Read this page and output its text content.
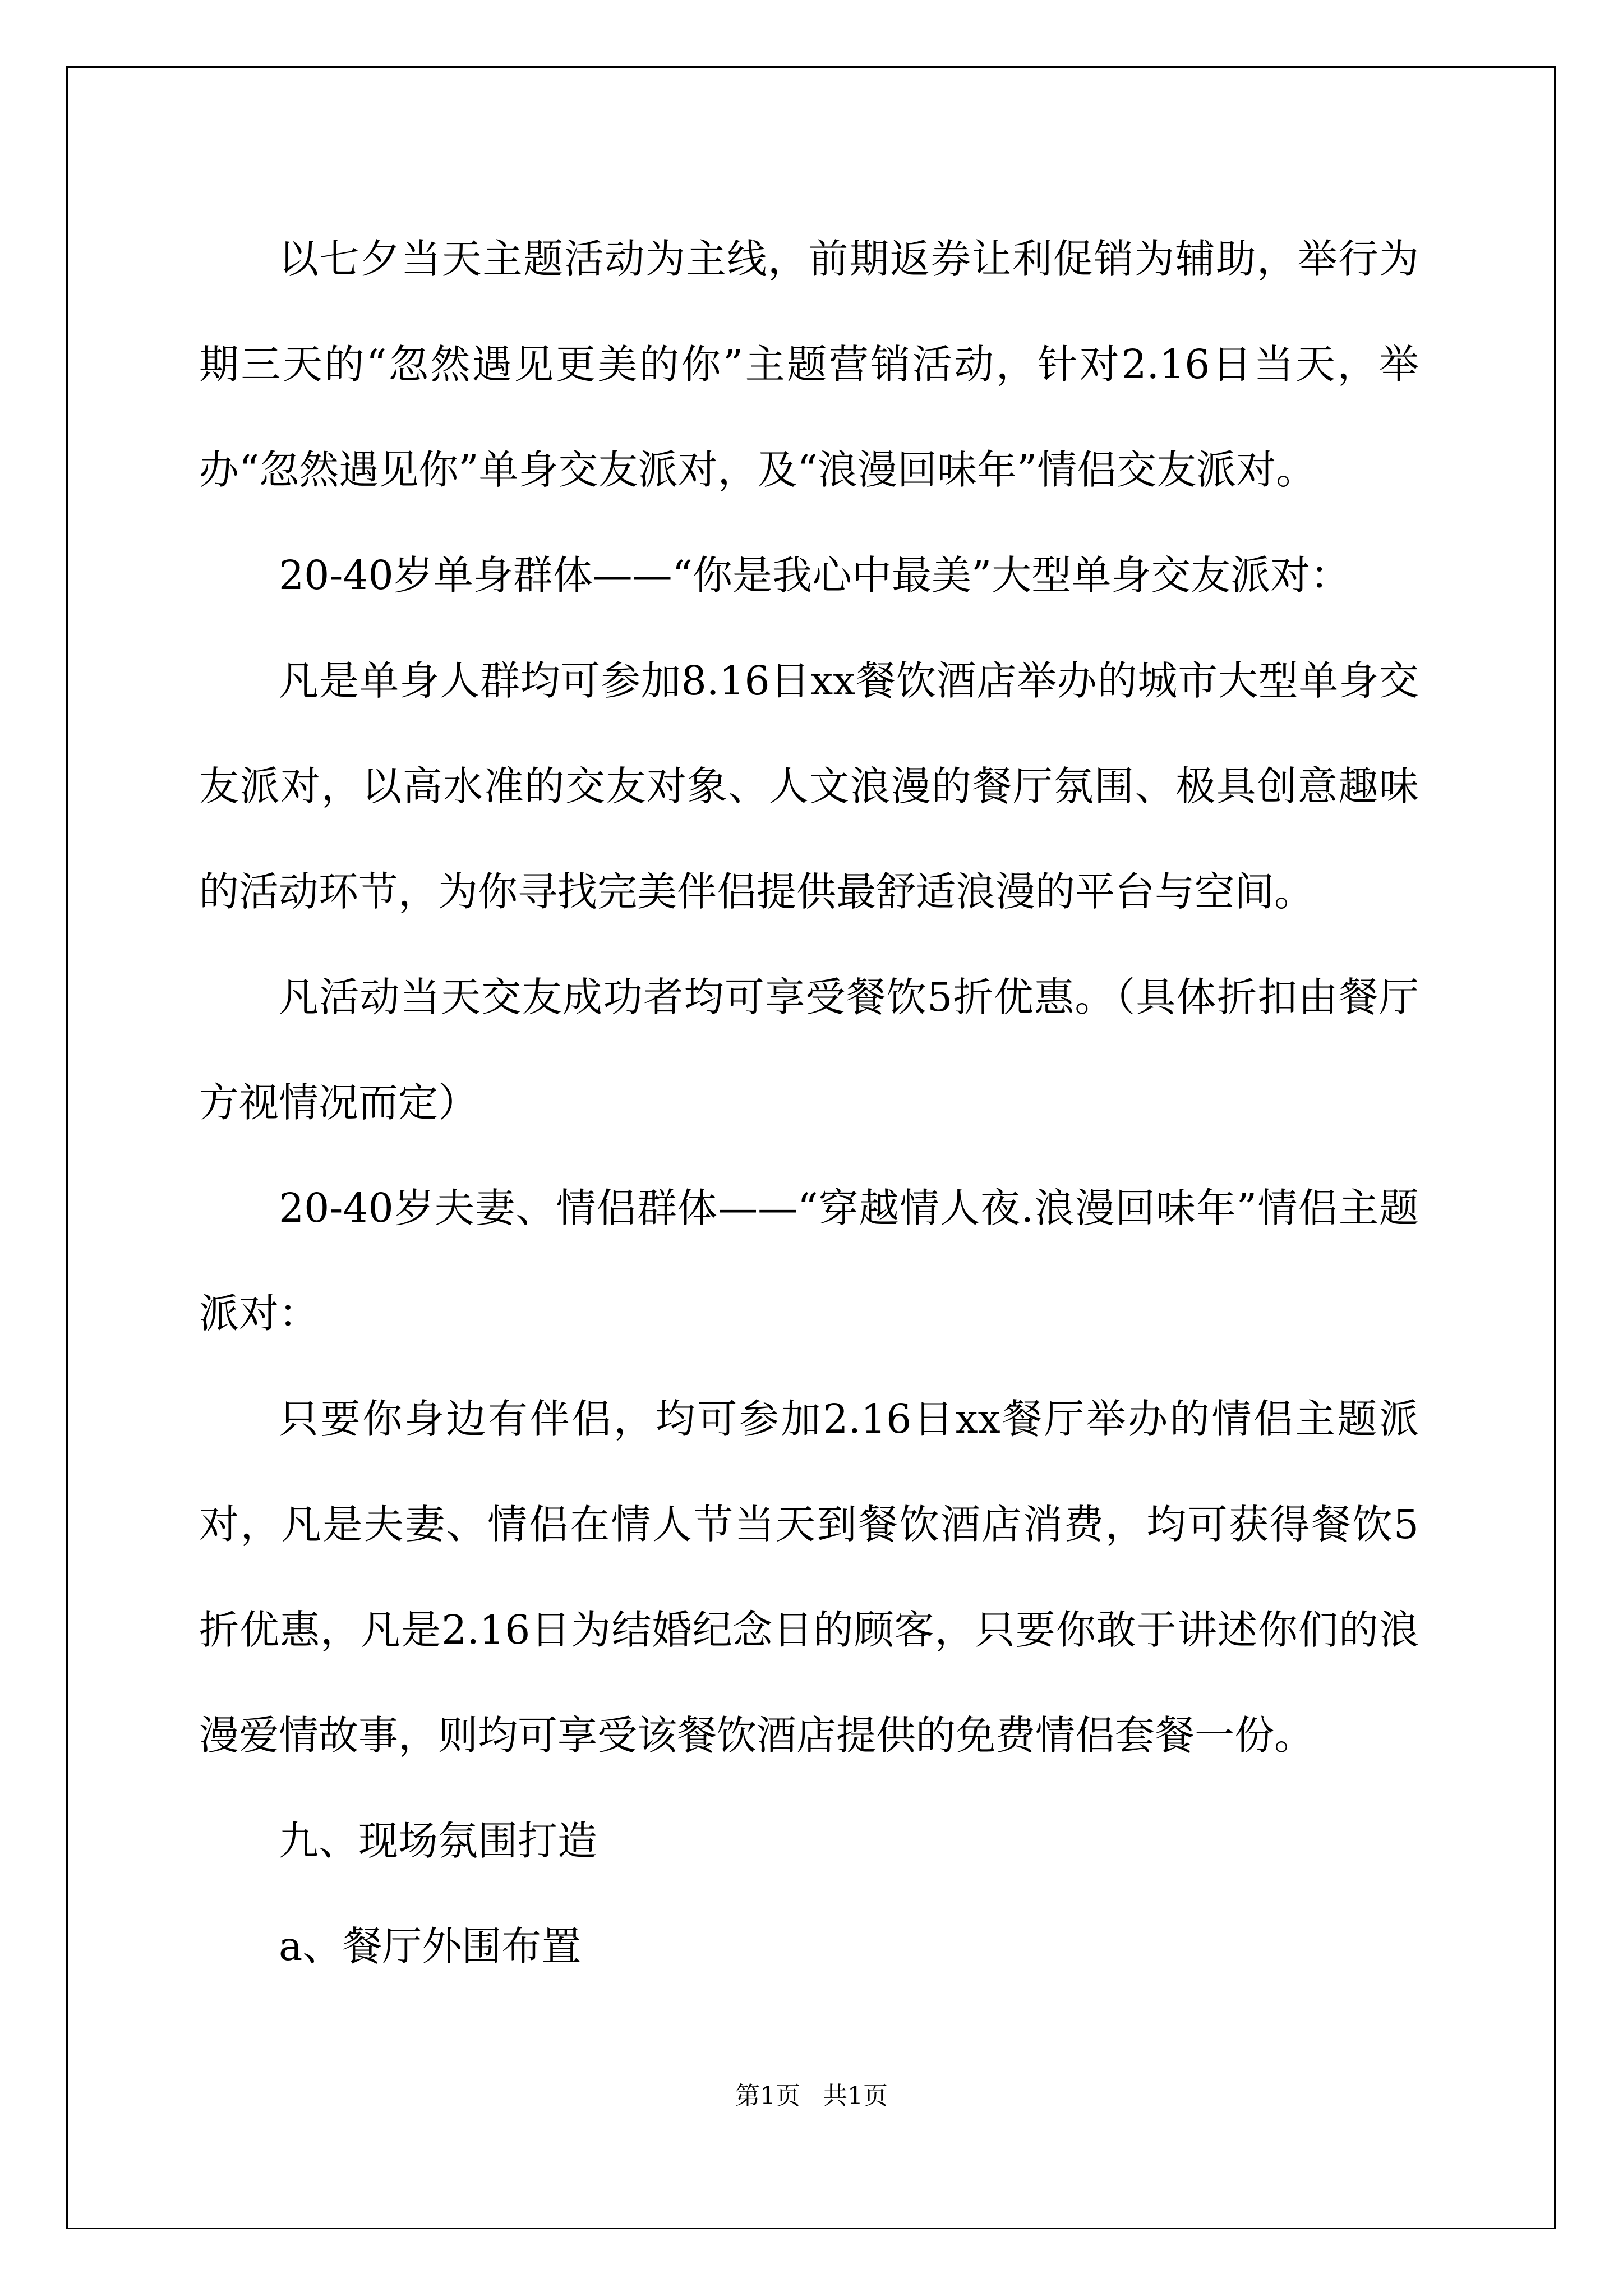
以七夕当天主题活动为主线，前期返券让利促销为辅助，举行为期三天的“忽然遇见更美的你”主题营销活动，针对2.16日当天，举办“忽然遇见你”单身交友派对，及“浪漫回味年”情侣交友派对。

20-40岁单身群体——“你是我心中最美”大型单身交友派对：

凡是单身人群均可参加8.16日xx餐饮酒店举办的城市大型单身交友派对，以高水准的交友对象、人文浪漫的餐厅氛围、极具创意趣味的活动环节，为你寻找完美伴侣提供最舒适浪漫的平台与空间。

凡活动当天交友成功者均可享受餐饮5折优惠。（具体折扣由餐厅方视情况而定）

20-40岁夫妻、情侣群体——“穿越情人夜.浪漫回味年”情侣主题派对：

只要你身边有伴侣，均可参加2.16日xx餐厅举办的情侣主题派对，凡是夫妻、情侣在情人节当天到餐饮酒店消费，均可获得餐饮5折优惠，凡是2.16日为结婚纪念日的顾客，只要你敢于讲述你们的浪漫爱情故事，则均可享受该餐饮酒店提供的免费情侣套餐一份。

九、现场氛围打造

a、餐厅外围布置

第1页 共1页
